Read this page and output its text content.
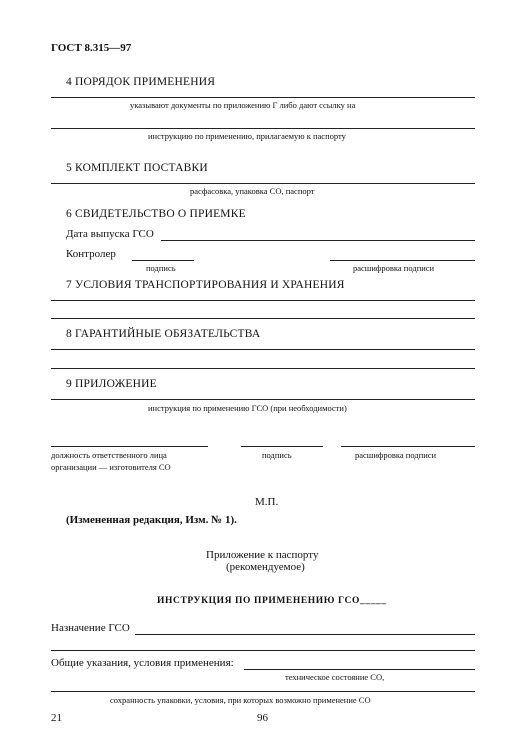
ГОСТ 8.315—97
4 ПОРЯДОК ПРИМЕНЕНИЯ
указывают документы по приложению Г либо дают ссылку на
инструкцию по применению, прилагаемую к паспорту
5 КОМПЛЕКТ ПОСТАВКИ
расфасовка, упаковка СО, паспорт
6 СВИДЕТЕЛЬСТВО О ПРИЕМКЕ
Дата выпуска ГСО
Контролер
подпись	расшифровка подписи
7 УСЛОВИЯ ТРАНСПОРТИРОВАНИЯ И ХРАНЕНИЯ
8 ГАРАНТИЙНЫЕ ОБЯЗАТЕЛЬСТВА
9 ПРИЛОЖЕНИЕ
инструкция по применению ГСО (при необходимости)
должность ответственного лица	подпись	расшифровка подписи
организации — изготовителя СО
М.П.
(Измененная редакция, Изм. № 1).
Приложение к паспорту
(рекомендуемое)
ИНСТРУКЦИЯ ПО ПРИМЕНЕНИЮ ГСО_____
Назначение ГСО
Общие указания, условия применения:
техническое состояние СО,
сохранность упаковки, условия, при которых возможно применение СО
21	96
